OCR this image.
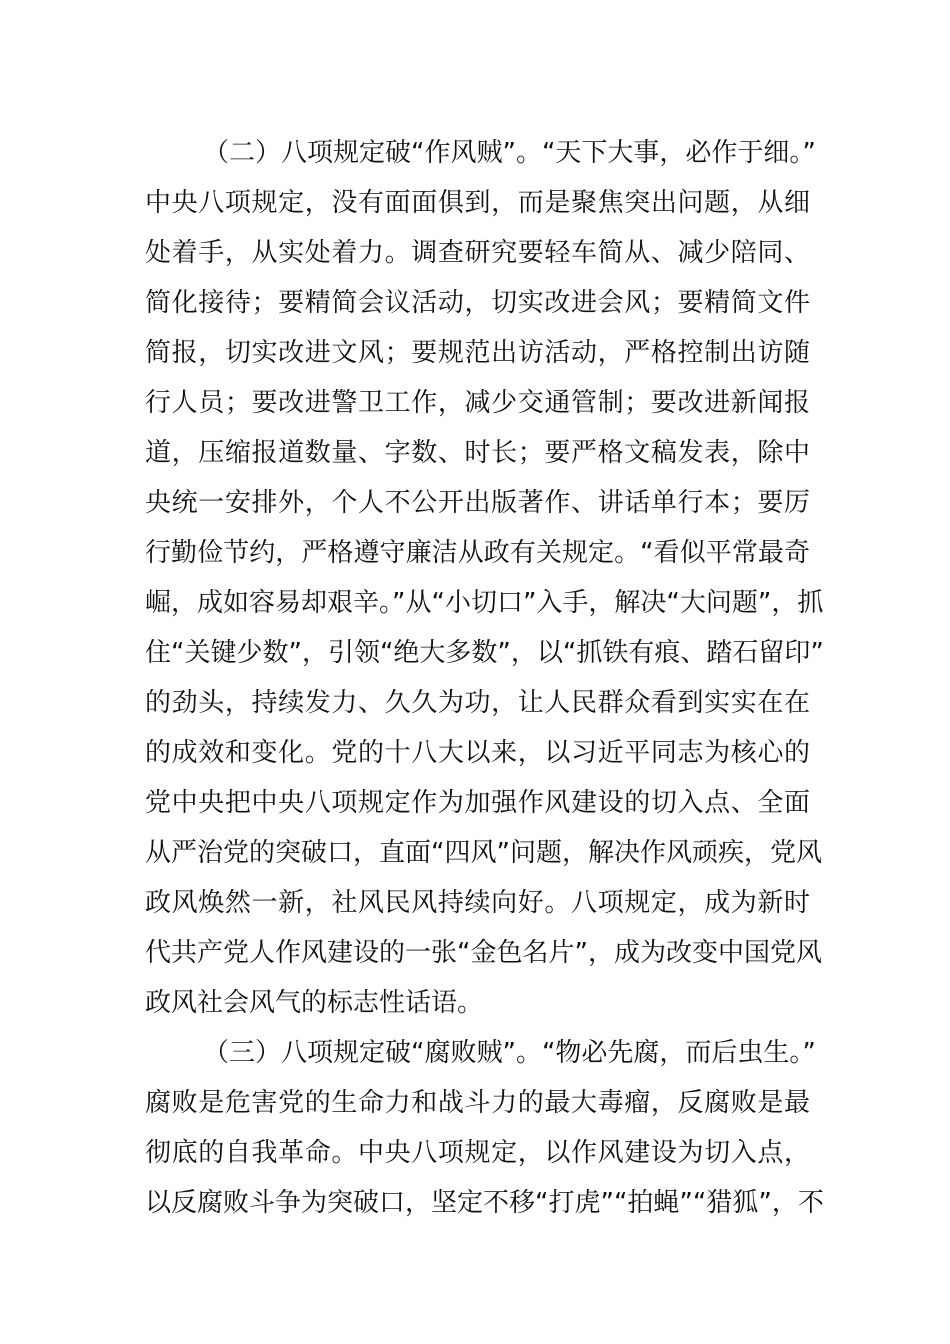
（二）八项规定破“作风贼”。“天下大事，必作于细。”
中央八项规定，没有面面俱到，而是聚焦突出问题，从细
处着手，从实处着力。调查研究要轻车简从、减少陪同、
简化接待；要精简会议活动，切实改进会风；要精简文件
简报，切实改进文风；要规范出访活动，严格控制出访随
行人员；要改进警卫工作，减少交通管制；要改进新闻报
道，压缩报道数量、字数、时长；要严格文稿发表，除中
央统一安排外，个人不公开出版著作、讲话单行本；要厉
行勤俭节约，严格遵守廉洁从政有关规定。“看似平常最奇
崛，成如容易却艰辛。”从“小切口”入手，解决“大问题”，抓
住“关键少数”，引领“绝大多数”，以“抓铁有痕、踏石留印”
的劲头，持续发力、久久为功，让人民群众看到实实在在
的成效和变化。党的十八大以来，以习近平同志为核心的
党中央把中央八项规定作为加强作风建设的切入点、全面
从严治党的突破口，直面“四风”问题，解决作风顽疾，党风
政风焕然一新，社风民风持续向好。八项规定，成为新时
代共产党人作风建设的一张“金色名片”，成为改变中国党风
政风社会风气的标志性话语。
（三）八项规定破“腐败贼”。“物必先腐，而后虫生。”
腐败是危害党的生命力和战斗力的最大毒瘤，反腐败是最
彻底的自我革命。中央八项规定，以作风建设为切入点，
以反腐败斗争为突破口，坚定不移“打虎”“拍蝇”“猎狐”，不
